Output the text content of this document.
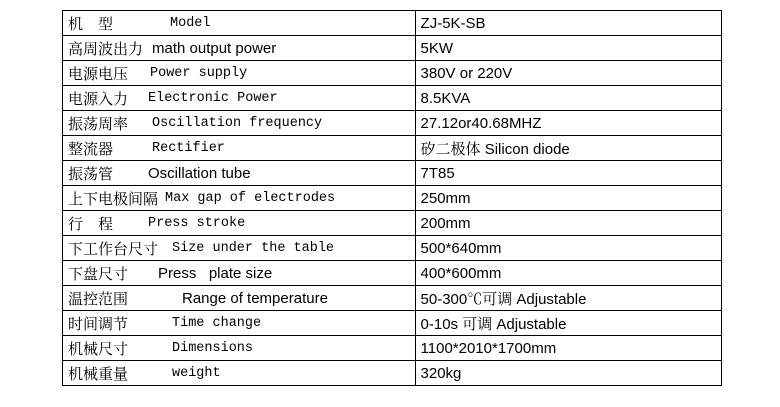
机　型 Model	ZJ-5K-SB
高周波出力 math output power	5KW
电源电压 Power supply	380V or 220V
电源入力 Electronic Power	8.5KVA
振荡周率 Oscillation frequency	27.12or40.68MHZ
整流器 Rectifier	矽二极体 Silicon diode
振荡管 Oscillation tube	7T85
上下电极间隔 Max gap of electrodes	250mm
行　程 Press stroke	200mm
下工作台尺寸 Size under the table	500*640mm
下盘尺寸 Press   plate size	400*600mm
温控范围 Range of temperature	50-300℃可调 Adjustable
时间调节 Time change	0-10s 可调 Adjustable
机械尺寸 Dimensions	1100*2010*1700mm
机械重量 weight	320kg
